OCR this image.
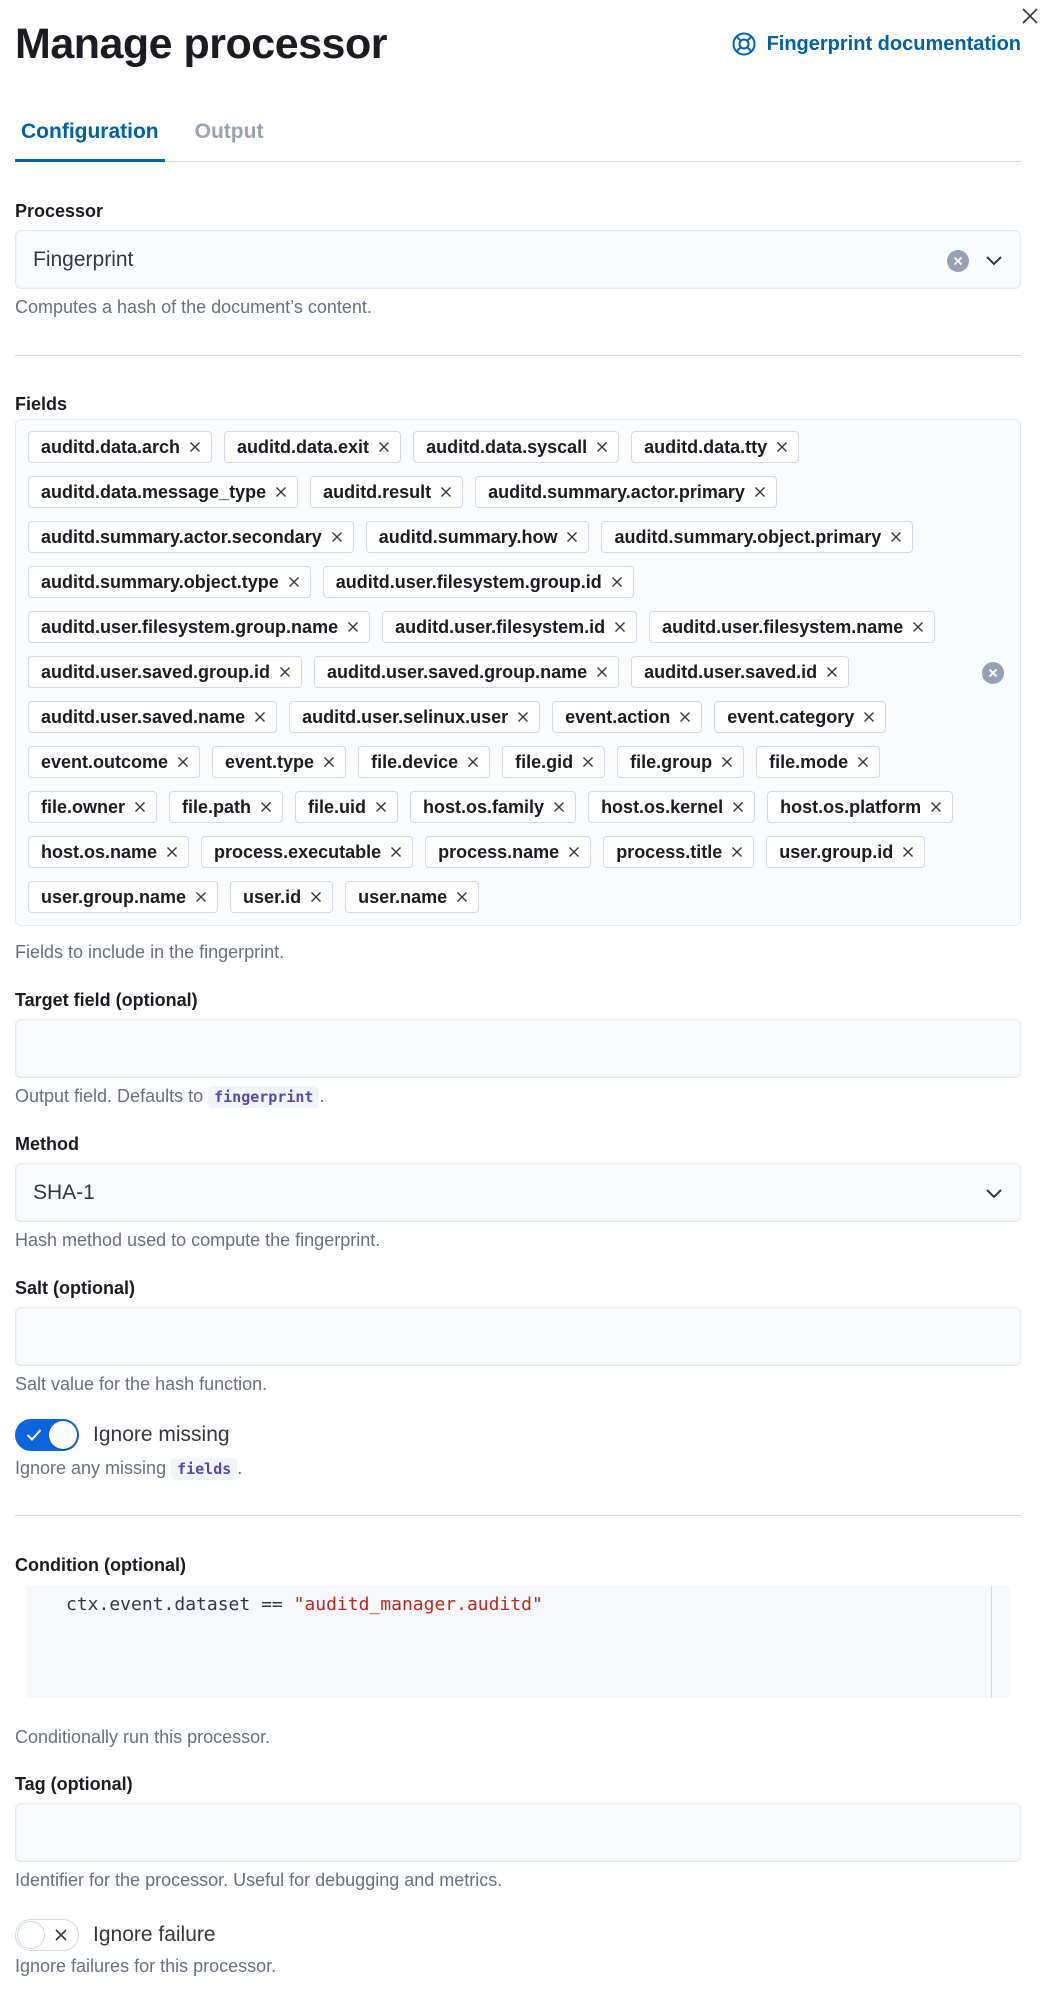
Manage processor	Fingerprint documentation
Configuration Output
Processor
Fingerprint
Computes a hash of the document’s content.
Fields
auditd.data.arch	auditd.data.exit	auditd.data.syscall	auditd.data.tty
auditd.data.message_type	auditd.result	auditd.summary.actor.primary
auditd.summary.actor.secondary	auditd.summary.how	auditd.summary.object.primary
auditd.summary.object.type	auditd.user.filesystem.group.id
auditd.user.filesystem.group.name	auditd.user.filesystem.id	auditd.user.filesystem.name
auditd.user.saved.group.id	auditd.user.saved.group.name	auditd.user.saved.id
auditd.user.saved.name	auditd.user.selinux.user	event.action	event.category
event.outcome	event.type	file.device	file.gid	file.group	file.mode
file.owner	file.path	file.uid	host.os.family	host.os.kernel	host.os.platform
host.os.name	process.executable	process.name	process.title	user.group.id
user.group.name	user.id	user.name
Fields to include in the fingerprint.
Target field (optional)
Output field. Defaults to fingerprint .
Method
SHA-1
Hash method used to compute the fingerprint.
Salt (optional)
Salt value for the hash function.
Ignore missing
Ignore any missing fields .
Condition (optional)
ctx.event.dataset == "auditd_manager.auditd"
Conditionally run this processor.
Tag (optional)
Identifier for the processor. Useful for debugging and metrics.
Ignore failure
Ignore failures for this processor.
